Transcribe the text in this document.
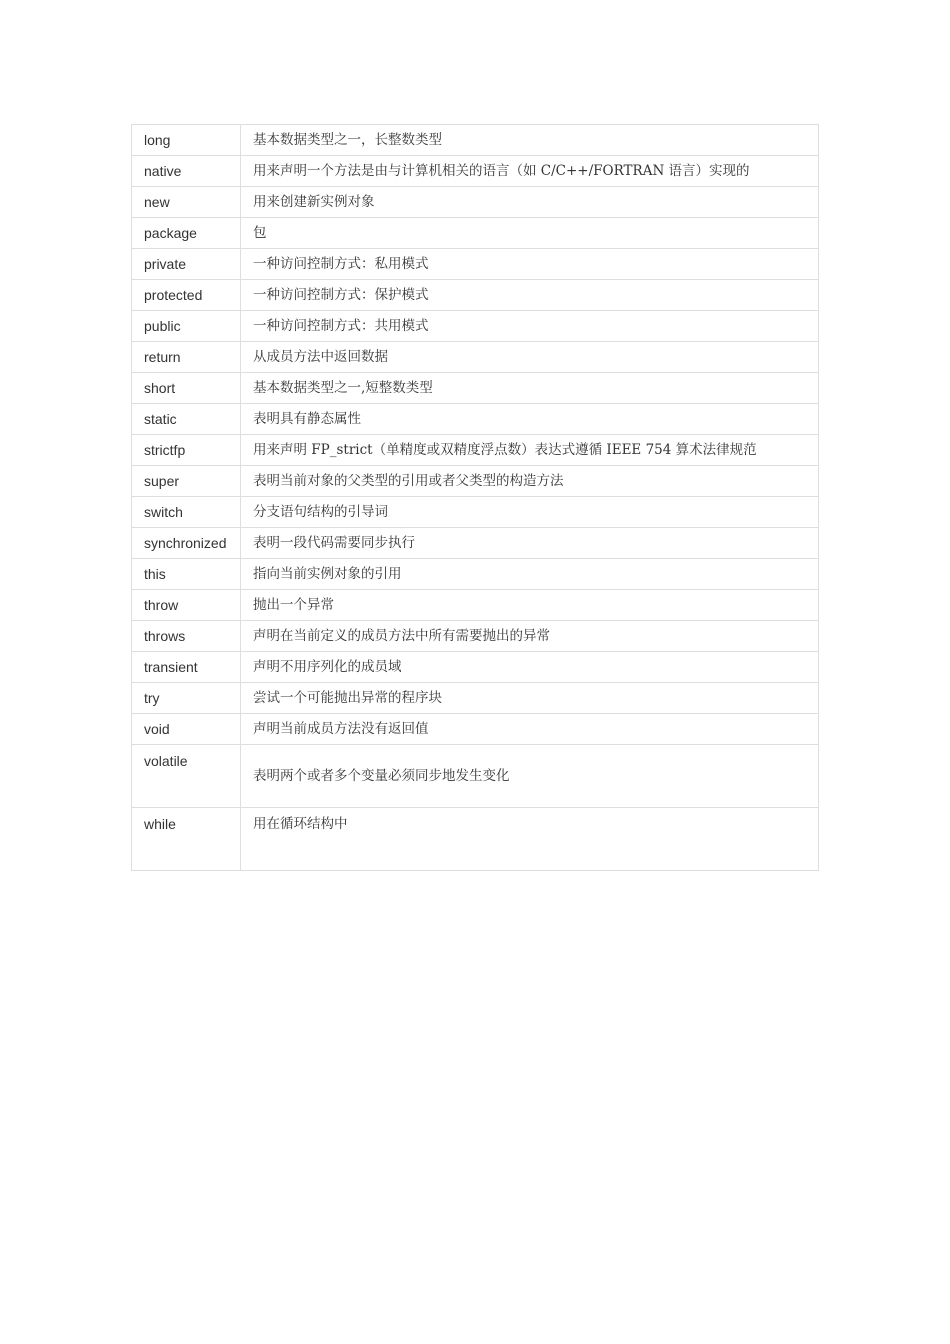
long	基本数据类型之一，长整数类型
native	用来声明一个方法是由与计算机相关的语言（如 C/C++/FORTRAN 语言）实现的
new	用来创建新实例对象
package	包
private	一种访问控制方式：私用模式
protected	一种访问控制方式：保护模式
public	一种访问控制方式：共用模式
return	从成员方法中返回数据
short	基本数据类型之一,短整数类型
static	表明具有静态属性
strictfp	用来声明 FP_strict（单精度或双精度浮点数）表达式遵循 IEEE 754 算术法律规范
super	表明当前对象的父类型的引用或者父类型的构造方法
switch	分支语句结构的引导词
synchronized	表明一段代码需要同步执行
this	指向当前实例对象的引用
throw	抛出一个异常
throws	声明在当前定义的成员方法中所有需要抛出的异常
transient	声明不用序列化的成员域
try	尝试一个可能抛出异常的程序块
void	声明当前成员方法没有返回值
volatile	表明两个或者多个变量必须同步地发生变化
while	用在循环结构中
